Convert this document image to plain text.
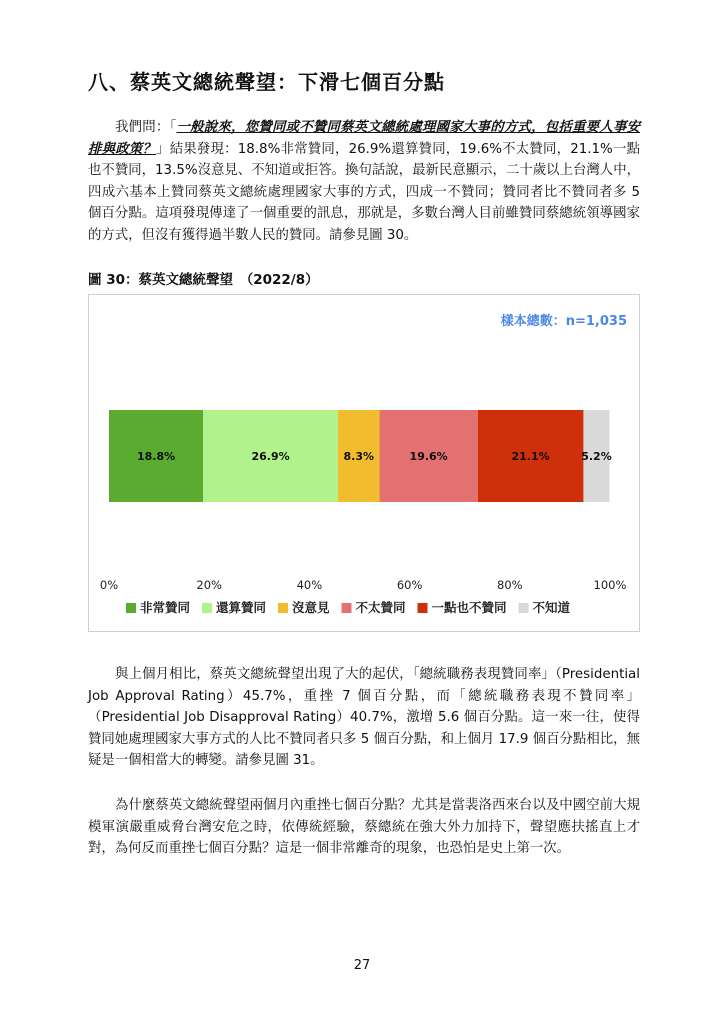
八、蔡英文總統聲望：下滑七個百分點

我們問：「一般說來，您贊同或不贊同蔡英文總統處理國家大事的方式，包括重要人事安排與政策？」結果發現：18.8%非常贊同，26.9%還算贊同，19.6%不太贊同，21.1%一點也不贊同，13.5%沒意見、不知道或拒答。換句話說，最新民意顯示，二十歲以上台灣人中，四成六基本上贊同蔡英文總統處理國家大事的方式，四成一不贊同；贊同者比不贊同者多 5 個百分點。這項發現傳達了一個重要的訊息，那就是，多數台灣人目前雖贊同蔡總統領導國家的方式，但沒有獲得過半數人民的贊同。請參見圖 30。

圖 30：蔡英文總統聲望　（2022/8）
樣本總數：n=1,035
18.8%	26.9%	8.3%	19.6%	21.1%	5.2%
0%	20%	40%	60%	80%	100%
非常贊同 還算贊同 沒意見 不太贊同 一點也不贊同 不知道

與上個月相比，蔡英文總統聲望出現了大的起伏，「總統職務表現贊同率」（Presidential Job Approval Rating）45.7%，重挫 7 個百分點，而「總統職務表現不贊同率」（Presidential Job Disapproval Rating）40.7%，激增 5.6 個百分點。這一來一往，使得贊同她處理國家大事方式的人比不贊同者只多 5 個百分點，和上個月 17.9 個百分點相比，無疑是一個相當大的轉變。請參見圖 31。

為什麼蔡英文總統聲望兩個月內重挫七個百分點？尤其是當裴洛西來台以及中國空前大規模軍演嚴重威脅台灣安危之時，依傳統經驗，蔡總統在強大外力加持下，聲望應扶搖直上才對，為何反而重挫七個百分點？這是一個非常離奇的現象，也恐怕是史上第一次。

27
